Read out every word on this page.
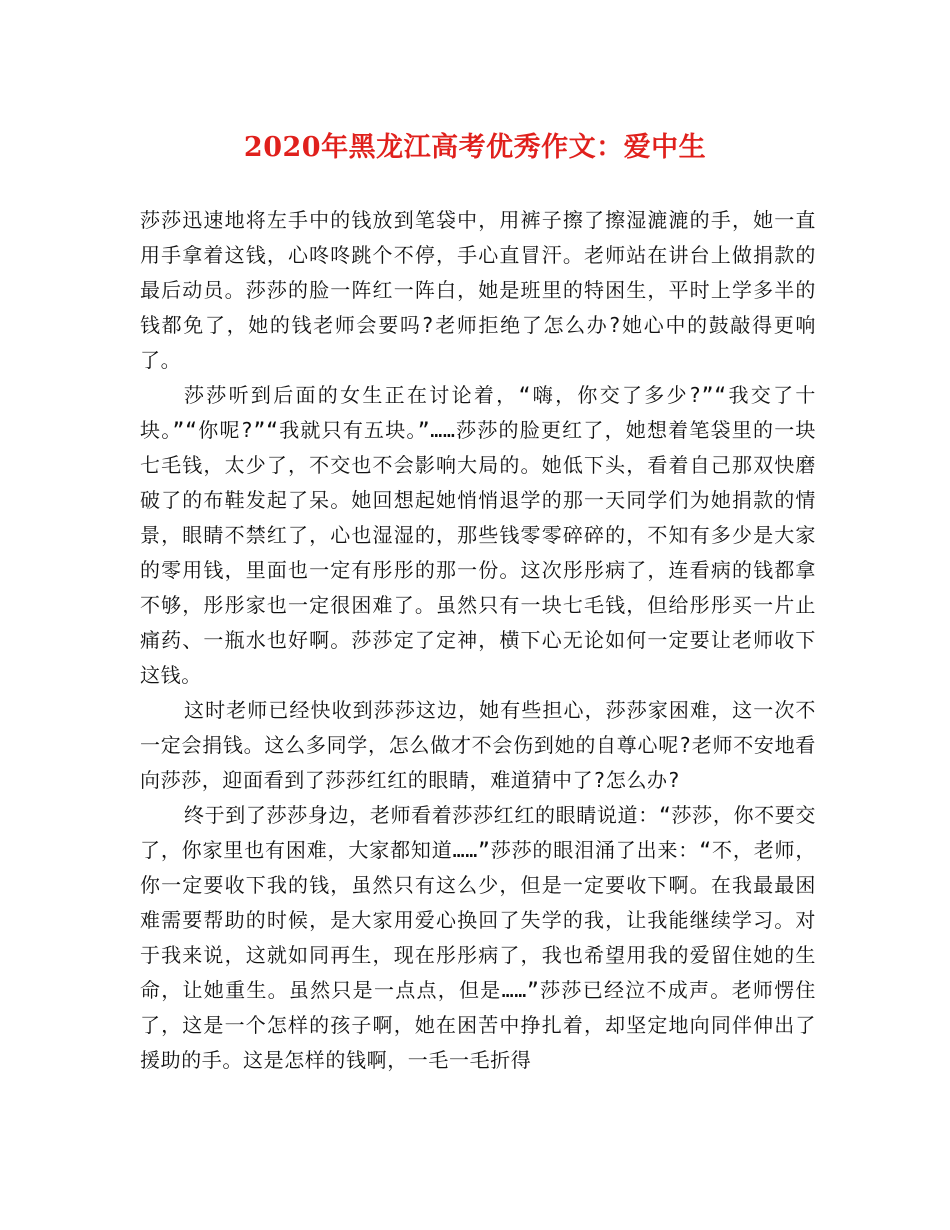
2020年黑龙江高考优秀作文：爱中生

莎莎迅速地将左手中的钱放到笔袋中，用裤子擦了擦湿漉漉的手，她一直用手拿着这钱，心咚咚跳个不停，手心直冒汗。老师站在讲台上做捐款的最后动员。莎莎的脸一阵红一阵白，她是班里的特困生，平时上学多半的钱都免了，她的钱老师会要吗?老师拒绝了怎么办?她心中的鼓敲得更响了。

莎莎听到后面的女生正在讨论着，“嗨，你交了多少?”“我交了十块。”“你呢?”“我就只有五块。”……莎莎的脸更红了，她想着笔袋里的一块七毛钱，太少了，不交也不会影响大局的。她低下头，看着自己那双快磨破了的布鞋发起了呆。她回想起她悄悄退学的那一天同学们为她捐款的情景，眼睛不禁红了，心也湿湿的，那些钱零零碎碎的，不知有多少是大家的零用钱，里面也一定有彤彤的那一份。这次彤彤病了，连看病的钱都拿不够，彤彤家也一定很困难了。虽然只有一块七毛钱，但给彤彤买一片止痛药、一瓶水也好啊。莎莎定了定神，横下心无论如何一定要让老师收下这钱。

这时老师已经快收到莎莎这边，她有些担心，莎莎家困难，这一次不一定会捐钱。这么多同学，怎么做才不会伤到她的自尊心呢?老师不安地看向莎莎，迎面看到了莎莎红红的眼睛，难道猜中了?怎么办?

终于到了莎莎身边，老师看着莎莎红红的眼睛说道：“莎莎，你不要交了，你家里也有困难，大家都知道……”莎莎的眼泪涌了出来：“不，老师，你一定要收下我的钱，虽然只有这么少，但是一定要收下啊。在我最最困难需要帮助的时候，是大家用爱心换回了失学的我，让我能继续学习。对于我来说，这就如同再生，现在彤彤病了，我也希望用我的爱留住她的生命，让她重生。虽然只是一点点，但是……”莎莎已经泣不成声。老师愣住了，这是一个怎样的孩子啊，她在困苦中挣扎着，却坚定地向同伴伸出了援助的手。这是怎样的钱啊，一毛一毛折得
